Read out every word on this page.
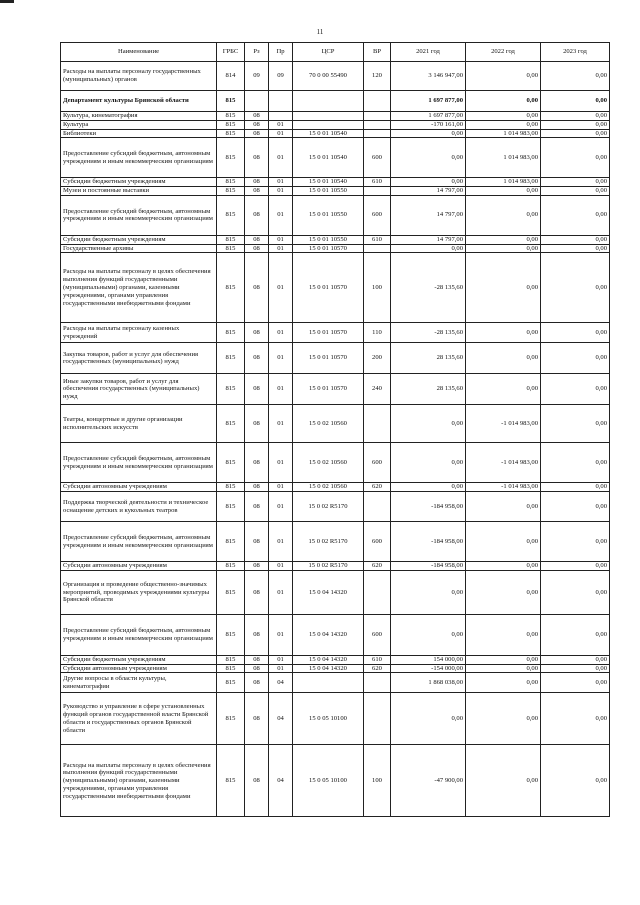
11
Наименование	ГРБС	Рз	Пр	ЦСР	ВР	2021 год	2022 год	2023 год
Расходы на выплаты персоналу государственных (муниципальных) органов	814	09	09	70 0 00 55490	120	3 146 947,00	0,00	0,00
Департамент культуры Брянской области	815					1 697 877,00	0,00	0,00
Культура, кинематография	815	08				1 697 877,00	0,00	0,00
Культура	815	08	01			-170 161,00	0,00	0,00
Библиотеки	815	08	01	15 0 01 10540		0,00	1 014 983,00	0,00
Предоставление субсидий бюджетным, автономным учреждениям и иным некоммерческим организациям	815	08	01	15 0 01 10540	600	0,00	1 014 983,00	0,00
Субсидии бюджетным учреждениям	815	08	01	15 0 01 10540	610	0,00	1 014 983,00	0,00
Музеи и постоянные выставки	815	08	01	15 0 01 10550		14 797,00	0,00	0,00
Предоставление субсидий бюджетным, автономным учреждениям и иным некоммерческим организациям	815	08	01	15 0 01 10550	600	14 797,00	0,00	0,00
Субсидии бюджетным учреждениям	815	08	01	15 0 01 10550	610	14 797,00	0,00	0,00
Государственные архивы	815	08	01	15 0 01 10570		0,00	0,00	0,00
Расходы на выплаты персоналу в целях обеспечения выполнения функций государственными (муниципальными) органами, казенными учреждениями, органами управления государственными внебюджетными фондами	815	08	01	15 0 01 10570	100	-28 135,60	0,00	0,00
Расходы на выплаты персоналу казенных учреждений	815	08	01	15 0 01 10570	110	-28 135,60	0,00	0,00
Закупка товаров, работ и услуг для обеспечения государственных (муниципальных) нужд	815	08	01	15 0 01 10570	200	28 135,60	0,00	0,00
Иные закупки товаров, работ и услуг для обеспечения государственных (муниципальных) нужд	815	08	01	15 0 01 10570	240	28 135,60	0,00	0,00
Театры, концертные и другие организации исполнительских искусств	815	08	01	15 0 02 10560		0,00	-1 014 983,00	0,00
Предоставление субсидий бюджетным, автономным учреждениям и иным некоммерческим организациям	815	08	01	15 0 02 10560	600	0,00	-1 014 983,00	0,00
Субсидии автономным учреждениям	815	08	01	15 0 02 10560	620	0,00	-1 014 983,00	0,00
Поддержка творческой деятельности и техническое оснащение детских и кукольных театров	815	08	01	15 0 02 R5170		-184 958,00	0,00	0,00
Предоставление субсидий бюджетным, автономным учреждениям и иным некоммерческим организациям	815	08	01	15 0 02 R5170	600	-184 958,00	0,00	0,00
Субсидии автономным учреждениям	815	08	01	15 0 02 R5170	620	-184 958,00	0,00	0,00
Организация и проведение общественно-значимых мероприятий, проводимых учреждениями культуры Брянской области	815	08	01	15 0 04 14320		0,00	0,00	0,00
Предоставление субсидий бюджетным, автономным учреждениям и иным некоммерческим организациям	815	08	01	15 0 04 14320	600	0,00	0,00	0,00
Субсидии бюджетным учреждениям	815	08	01	15 0 04 14320	610	154 000,00	0,00	0,00
Субсидии автономным учреждениям	815	08	01	15 0 04 14320	620	-154 000,00	0,00	0,00
Другие вопросы в области культуры, кинематографии	815	08	04			1 868 038,00	0,00	0,00
Руководство и управление в сфере установленных функций органов государственной власти Брянской области и государственных органов Брянской области	815	08	04	15 0 05 10100		0,00	0,00	0,00
Расходы на выплаты персоналу в целях обеспечения выполнения функций государственными (муниципальными) органами, казенными учреждениями, органами управления государственными внебюджетными фондами	815	08	04	15 0 05 10100	100	-47 900,00	0,00	0,00
